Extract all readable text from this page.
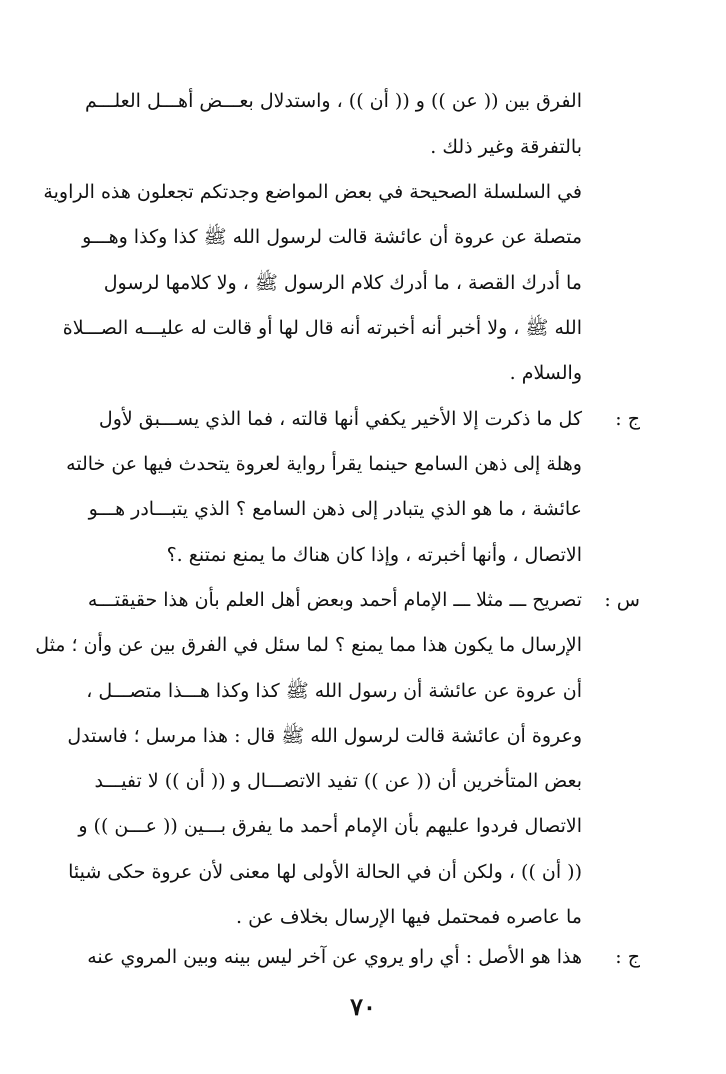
الفرق بين (( عن )) و (( أن )) ، واستدلال بعـــض أهـــل العلـــم
بالتفرقة وغير ذلك .
في السلسلة الصحيحة في بعض المواضع وجدتكم تجعلون هذه الراوية
متصلة عن عروة أن عائشة قالت لرسول الله ﷺ كذا وكذا وهـــو
ما أدرك القصة ، ما أدرك كلام الرسول ﷺ ، ولا كلامها لرسول
الله ﷺ ، ولا أخبر أنه أخبرته أنه قال لها أو قالت له عليـــه الصـــلاة
والسلام .
ج :
كل ما ذكرت إلا الأخير يكفي أنها قالته ، فما الذي يســـبق لأول
وهلة إلى ذهن السامع حينما يقرأ رواية لعروة يتحدث فيها عن خالته
عائشة ، ما هو الذي يتبادر إلى ذهن السامع ؟ الذي يتبـــادر هـــو
الاتصال ، وأنها أخبرته ، وإذا كان هناك ما يمنع نمتنع .؟
س :
تصريح ـــ مثلا ـــ الإمام أحمد وبعض أهل العلم بأن هذا حقيقتـــه
الإرسال ما يكون هذا مما يمنع ؟ لما سئل في الفرق بين عن وأن ؛ مثل
أن عروة عن عائشة أن رسول الله ﷺ كذا وكذا هـــذا متصـــل ،
وعروة أن عائشة قالت لرسول الله ﷺ قال : هذا مرسل ؛ فاستدل
بعض المتأخرين أن (( عن )) تفيد الاتصـــال و (( أن )) لا تفيـــد
الاتصال فردوا عليهم بأن الإمام أحمد ما يفرق بـــين (( عـــن )) و
(( أن )) ، ولكن أن في الحالة الأولى لها معنى لأن عروة حكى شيئا
ما عاصره فمحتمل فيها الإرسال بخلاف عن .
ج :
هذا هو الأصل : أي راو يروي عن آخر ليس بينه وبين المروي عنه
٧٠
